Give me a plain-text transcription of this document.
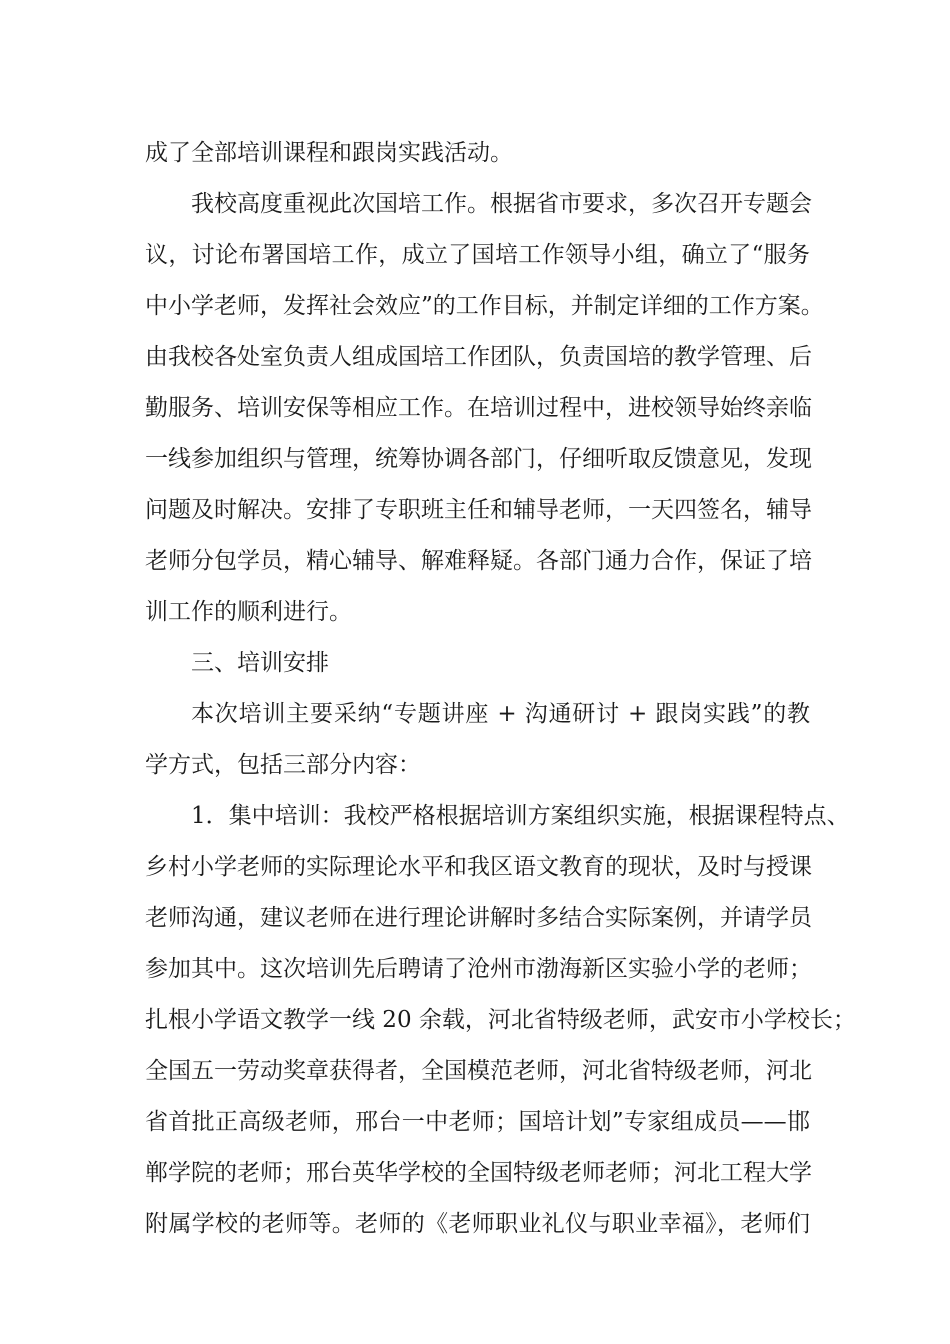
成了全部培训课程和跟岗实践活动。
我校高度重视此次国培工作。根据省市要求，多次召开专题会
议，讨论布署国培工作，成立了国培工作领导小组，确立了“服务
中小学老师，发挥社会效应”的工作目标，并制定详细的工作方案。
由我校各处室负责人组成国培工作团队，负责国培的教学管理、后
勤服务、培训安保等相应工作。在培训过程中，进校领导始终亲临
一线参加组织与管理，统筹协调各部门，仔细听取反馈意见，发现
问题及时解决。安排了专职班主任和辅导老师，一天四签名，辅导
老师分包学员，精心辅导、解难释疑。各部门通力合作，保证了培
训工作的顺利进行。
三、培训安排
本次培训主要采纳“专题讲座 + 沟通研讨 + 跟岗实践”的教
学方式，包括三部分内容：
1．集中培训：我校严格根据培训方案组织实施，根据课程特点、
乡村小学老师的实际理论水平和我区语文教育的现状，及时与授课
老师沟通，建议老师在进行理论讲解时多结合实际案例，并请学员
参加其中。这次培训先后聘请了沧州市渤海新区实验小学的老师；
扎根小学语文教学一线 20 余载，河北省特级老师，武安市小学校长；
全国五一劳动奖章获得者，全国模范老师，河北省特级老师，河北
省首批正高级老师，邢台一中老师；国培计划”专家组成员——邯
郸学院的老师；邢台英华学校的全国特级老师老师；河北工程大学
附属学校的老师等。老师的《老师职业礼仪与职业幸福》，老师们
